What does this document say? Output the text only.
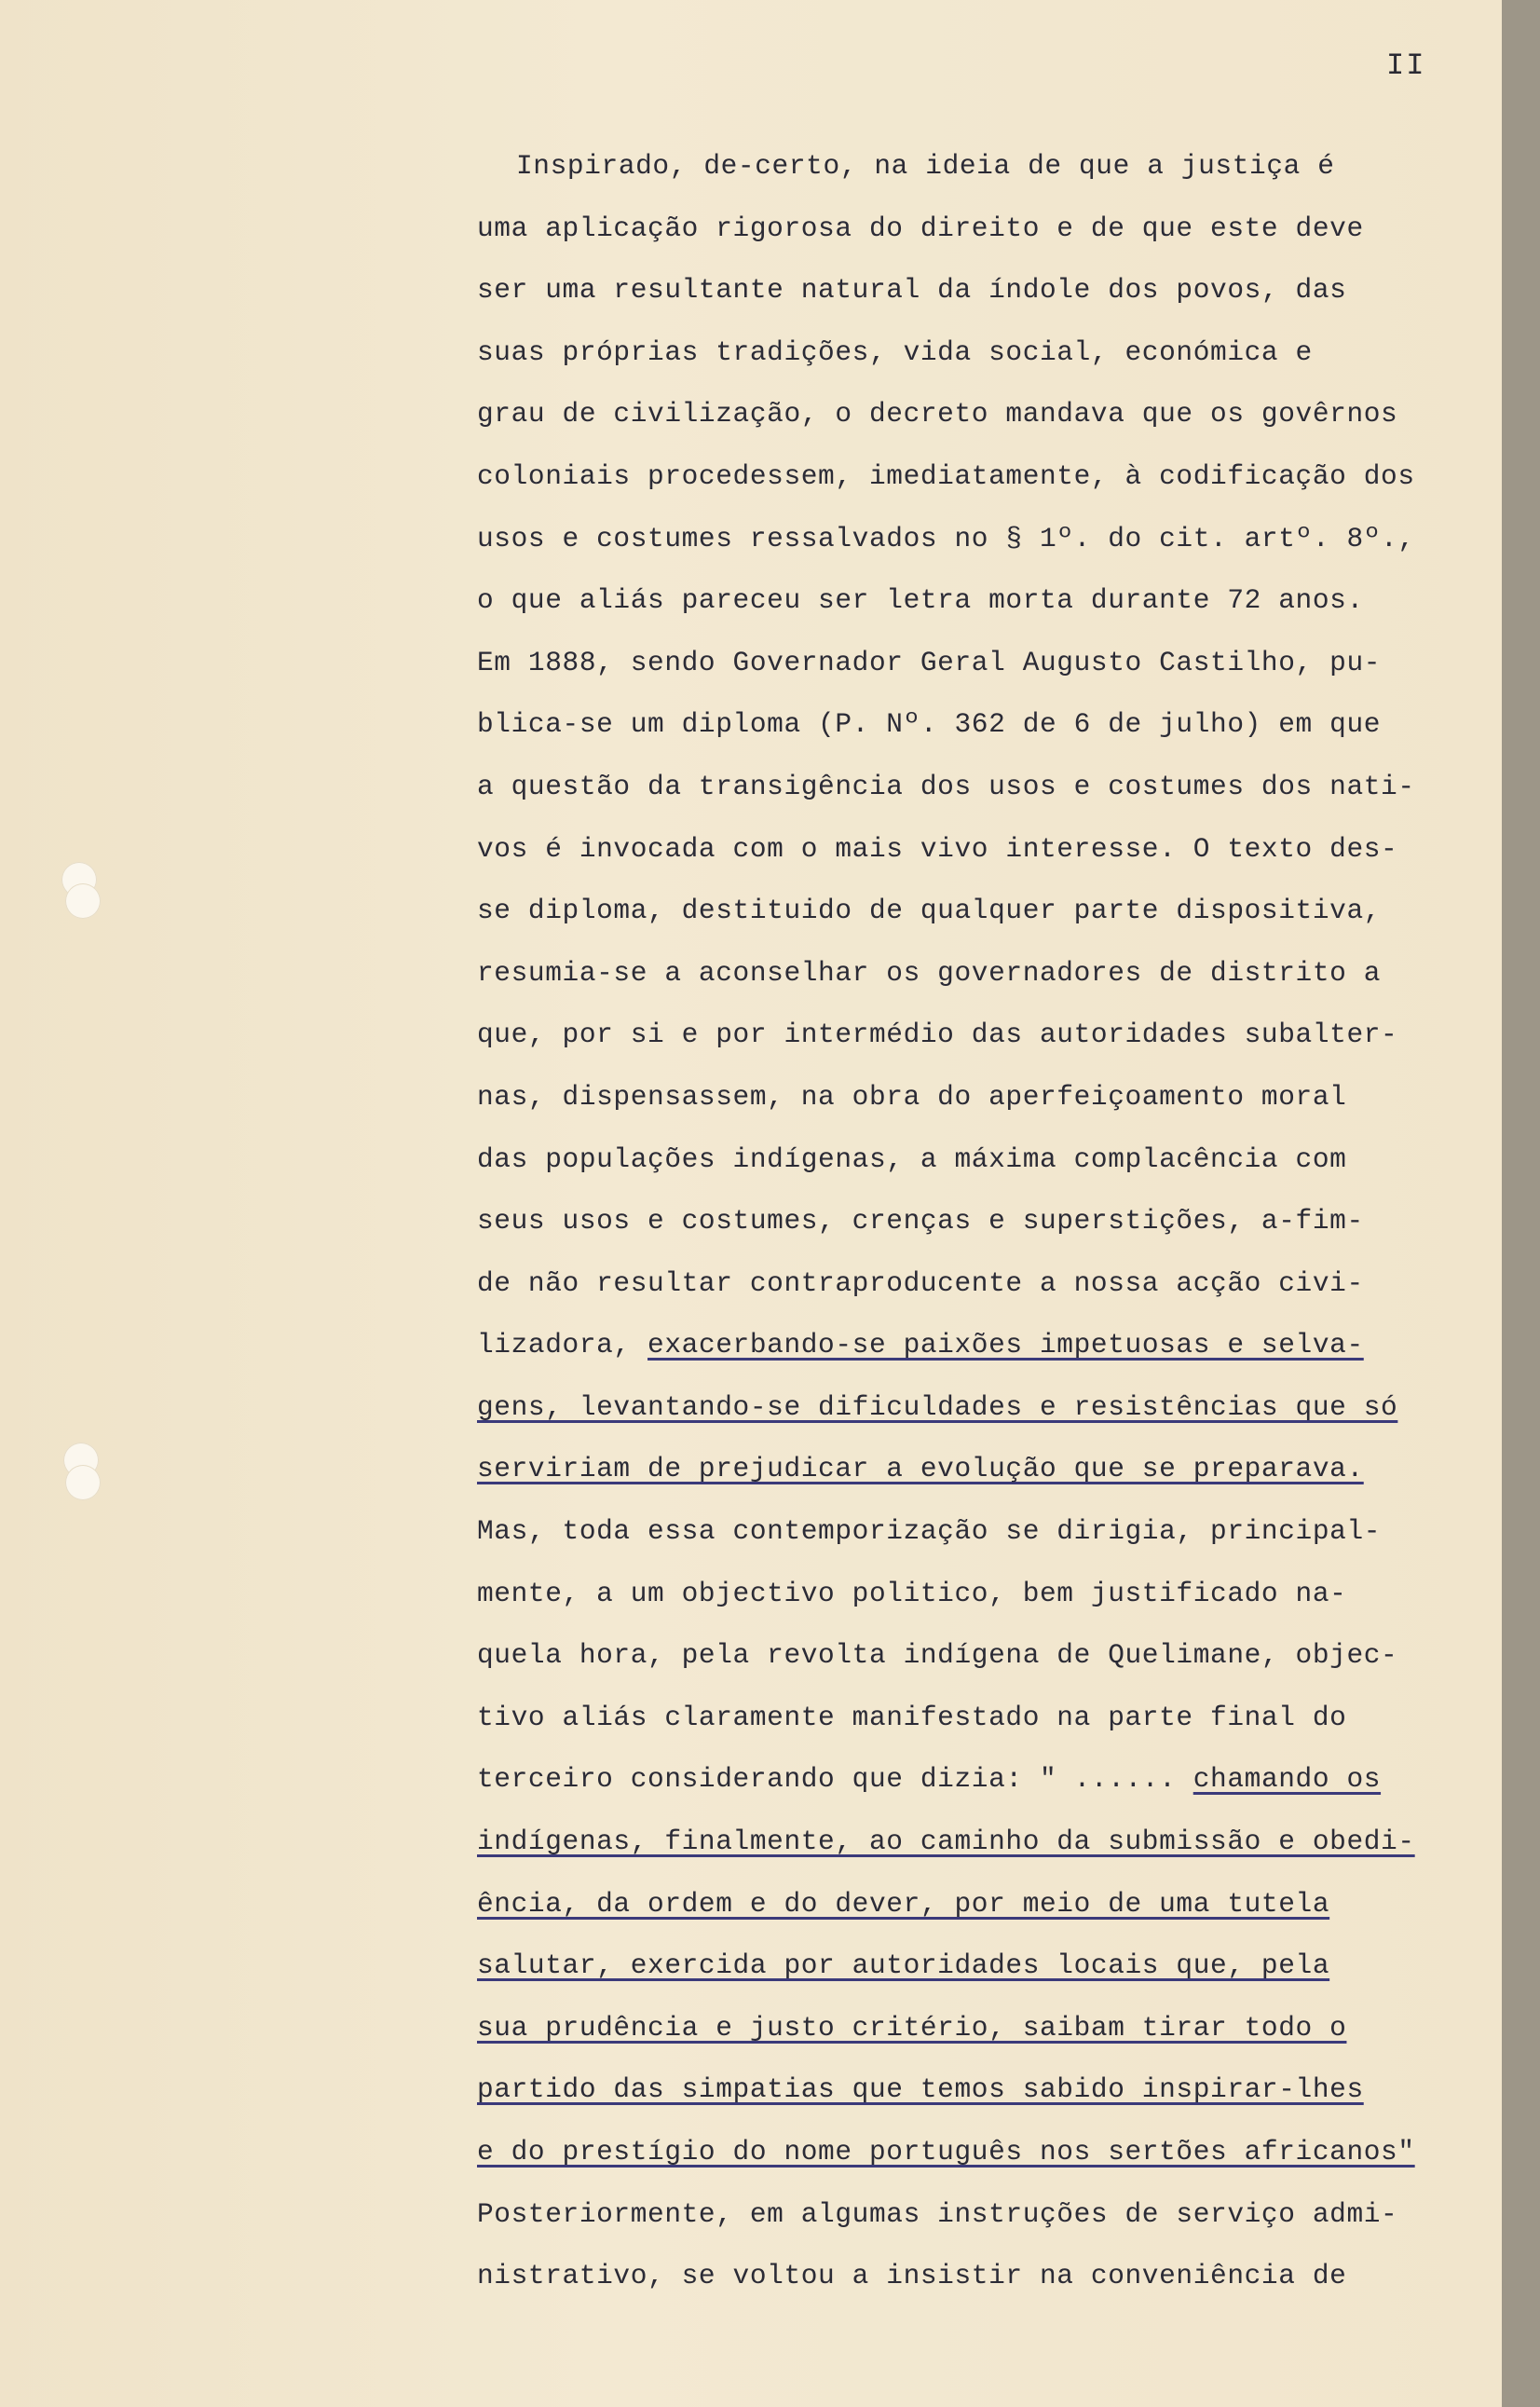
II
Inspirado, de-certo, na ideia de que a justiça é
uma aplicação rigorosa do direito e de que este deve
ser uma resultante natural da índole dos povos, das
suas próprias tradições, vida social, económica e
grau de civilização, o decreto mandava que os govêrnos
coloniais procedessem, imediatamente, à codificação dos
usos e costumes ressalvados no § 1º. do cit. artº. 8º.,
o que aliás pareceu ser letra morta durante 72 anos.
Em 1888, sendo Governador Geral Augusto Castilho, pu-
blica-se um diploma (P. Nº. 362 de 6 de julho) em que
a questão da transigência dos usos e costumes dos nati-
vos é invocada com o mais vivo interesse. O texto des-
se diploma, destituido de qualquer parte dispositiva,
resumia-se a aconselhar os governadores de distrito a
que, por si e por intermédio das autoridades subalter-
nas, dispensassem, na obra do aperfeiçoamento moral
das populações indígenas, a máxima complacência com
seus usos e costumes, crenças e superstições, a-fim-
de não resultar contraproducente a nossa acção civi-
lizadora, exacerbando-se paixões impetuosas e selva-
gens, levantando-se dificuldades e resistências que só
serviriam de prejudicar a evolução que se preparava.
Mas, toda essa contemporização se dirigia, principal-
mente, a um objectivo politico, bem justificado na-
quela hora, pela revolta indígena de Quelimane, objec-
tivo aliás claramente manifestado na parte final do
terceiro considerando que dizia: " ...... chamando os
indígenas, finalmente, ao caminho da submissão e obedi-
ência, da ordem e do dever, por meio de uma tutela
salutar, exercida por autoridades locais que, pela
sua prudência e justo critério, saibam tirar todo o
partido das simpatias que temos sabido inspirar-lhes
e do prestígio do nome português nos sertões africanos"
Posteriormente, em algumas instruções de serviço admi-
nistrativo, se voltou a insistir na conveniência de
